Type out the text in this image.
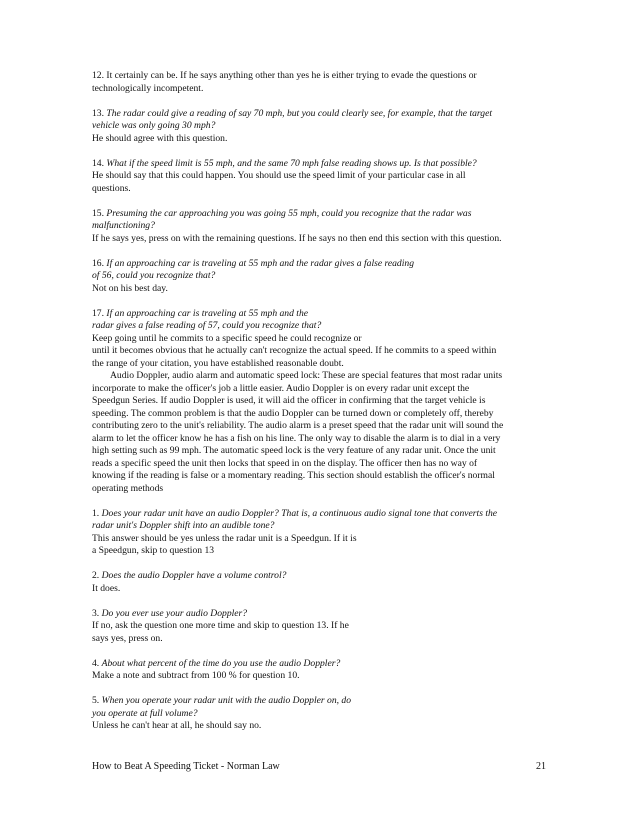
12. It certainly can be. If he says anything other than yes he is either trying to evade the questions or
technologically incompetent.
13. The radar could give a reading of say 70 mph, but you could clearly see, for example, that the target
vehicle was only going 30 mph?
He should agree with this question.
14. What if the speed limit is 55 mph, and the same 70 mph false reading shows up. Is that possible?
He should say that this could happen. You should use the speed limit of your particular case in all
questions.
15. Presuming the car approaching you was going 55 mph, could you recognize that the radar was
malfunctioning?
If he says yes, press on with the remaining questions. If he says no then end this section with this question.
16. If an approaching car is traveling at 55 mph and the radar gives a false reading
of 56, could you recognize that?
Not on his best day.
17. If an approaching car is traveling at 55 mph and the
radar gives a false reading of 57, could you recognize that?
Keep going until he commits to a specific speed he could recognize or
until it becomes obvious that he actually can't recognize the actual speed. If he commits to a speed within
the range of your citation, you have established reasonable doubt.
Audio Doppler, audio alarm and automatic speed lock: These are special features that most radar units
incorporate to make the officer's job a little easier. Audio Doppler is on every radar unit except the
Speedgun Series. If audio Doppler is used, it will aid the officer in confirming that the target vehicle is
speeding. The common problem is that the audio Doppler can be turned down or completely off, thereby
contributing zero to the unit's reliability. The audio alarm is a preset speed that the radar unit will sound the
alarm to let the officer know he has a fish on his line. The only way to disable the alarm is to dial in a very
high setting such as 99 mph. The automatic speed lock is the very feature of any radar unit. Once the unit
reads a specific speed the unit then locks that speed in on the display. The officer then has no way of
knowing if the reading is false or a momentary reading. This section should establish the officer's normal
operating methods
1. Does your radar unit have an audio Doppler? That is, a continuous audio signal tone that converts the
radar unit's Doppler shift into an audible tone?
This answer should be yes unless the radar unit is a Speedgun. If it is
a Speedgun, skip to question 13
2. Does the audio Doppler have a volume control?
It does.
3. Do you ever use your audio Doppler?
If no, ask the question one more time and skip to question 13. If he
says yes, press on.
4. About what percent of the time do you use the audio Doppler?
Make a note and subtract from 100 % for question 10.
5. When you operate your radar unit with the audio Doppler on, do
you operate at full volume?
Unless he can't hear at all, he should say no.
How to Beat A Speeding Ticket - Norman Law	21
